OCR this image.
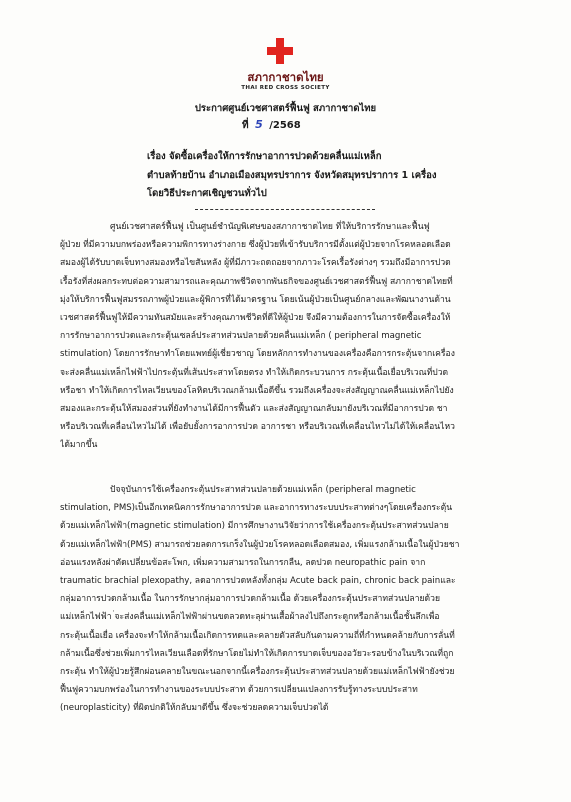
สภากาชาดไทย
THAI RED CROSS SOCIETY
ประกาศศูนย์เวชศาสตร์ฟื้นฟู สภากาชาดไทย
ที่ 5 /2568
เรื่อง จัดซื้อเครื่องให้การรักษาอาการปวดด้วยคลื่นแม่เหล็ก
ตำบลท้ายบ้าน อำเภอเมืองสมุทรปราการ จังหวัดสมุทรปราการ 1 เครื่อง
โดยวิธีประกาศเชิญชวนทั่วไป
ศูนย์เวชศาสตร์ฟื้นฟู เป็นศูนย์ชำนัญพิเศษของสภากาชาดไทย ที่ให้บริการรักษาและฟื้นฟู
ผู้ป่วย ที่มีความบกพร่องหรือความพิการทางร่างกาย ซึ่งผู้ป่วยที่เข้ารับบริการมีตั้งแต่ผู้ป่วยจากโรคหลอดเลือด
สมองผู้ได้รับบาดเจ็บทางสมองหรือไขสันหลัง ผู้ที่มีภาวะถดถอยจากภาวะโรคเรื้อรังต่างๆ รวมถึงมีอาการปวด
เรื้อรังที่ส่งผลกระทบต่อความสามารถและคุณภาพชีวิตจากพันธกิจของศูนย์เวชศาสตร์ฟื้นฟู สภากาชาดไทยที่
มุ่งให้บริการฟื้นฟูสมรรถภาพผู้ป่วยและผู้พิการที่ได้มาตรฐาน โดยเน้นผู้ป่วยเป็นศูนย์กลางและพัฒนางานด้าน
เวชศาสตร์ฟื้นฟูให้มีความทันสมัยและสร้างคุณภาพชีวิตที่ดีให้ผู้ป่วย จึงมีความต้องการในการจัดซื้อเครื่องให้
การรักษาอาการปวดและกระตุ้นเซลล์ประสาทส่วนปลายด้วยคลื่นแม่เหล็ก ( peripheral magnetic
stimulation) โดยการรักษาทำโดยแพทย์ผู้เชี่ยวชาญ โดยหลักการทำงานของเครื่องคือการกระตุ้นจากเครื่อง
จะส่งคลื่นแม่เหล็กไฟฟ้าไปกระตุ้นที่เส้นประสาทโดยตรง ทำให้เกิดกระบวนการ กระตุ้นเนื้อเยื่อบริเวณที่ปวด
หรือชา ทำให้เกิดการไหลเวียนของโลหิตบริเวณกล้ามเนื้อดีขึ้น รวมถึงเครื่องจะส่งสัญญาณคลื่นแม่เหล็กไปยัง
สมองและกระตุ้นให้สมองส่วนที่ยังทำงานได้มีการฟื้นตัว และส่งสัญญาณกลับมายังบริเวณที่มีอาการปวด ชา
หรือบริเวณที่เคลื่อนไหวไม่ได้ เพื่อยับยั้งการอาการปวด อาการชา หรือบริเวณที่เคลื่อนไหวไม่ได้ให้เคลื่อนไหว
ได้มากขึ้น
ปัจจุบันการใช้เครื่องกระตุ้นประสาทส่วนปลายด้วยแม่เหล็ก (peripheral magnetic
stimulation, PMS)เป็นอีกเทคนิคการรักษาอาการปวด และอาการทางระบบประสาทต่างๆโดยเครื่องกระตุ้น
ด้วยแม่เหล็กไฟฟ้า(magnetic stimulation) มีการศึกษางานวิจัยว่าการใช้เครื่องกระตุ้นประสาทส่วนปลาย
ด้วยแม่เหล็กไฟฟ้า(PMS) สามารถช่วยลดการเกร็งในผู้ป่วยโรคหลอดเลือดสมอง, เพิ่มแรงกล้ามเนื้อในผู้ป่วยชา
อ่อนแรงหลังผ่าตัดเปลี่ยนข้อสะโพก, เพิ่มความสามารถในการกลืน, ลดปวด neuropathic pain จาก
traumatic brachial plexopathy, ลดอาการปวดหลังทั้งกลุ่ม Acute back pain, chronic back painและ
กลุ่มอาการปวดกล้ามเนื้อ ในการรักษากลุ่มอาการปวดกล้ามเนื้อ ด้วยเครื่องกระตุ้นประสาทส่วนปลายด้วย
แม่เหล็กไฟฟ้า ่จะส่งคลื่นแม่เหล็กไฟฟ้าผ่านขดลวดทะลุผ่านเสื้อผ้าลงไปถึงกระดูกหรือกล้ามเนื้อชั้นลึกเพื่อ
กระตุ้นเนื้อเยื่อ เครื่องจะทำให้กล้ามเนื้อเกิดการหดและคลายตัวสลับกันตามความถี่ที่กำหนดคล้ายกับการลั่นที่
กล้ามเนื้อซึ่งช่วยเพิ่มการไหลเวียนเลือดที่รักษาโดยไม่ทำให้เกิดการบาดเจ็บของอวัยวะรอบข้างในบริเวณที่ถูก
กระตุ้น ทำให้ผู้ป่วยรู้สึกผ่อนคลายในขณะนอกจากนี้เครื่องกระตุ้นประสาทส่วนปลายด้วยแม่เหล็กไฟฟ้ายังช่วย
ฟื้นฟูความบกพร่องในการทำงานของระบบประสาท ด้วยการเปลี่ยนแปลงการรับรู้ทางระบบประสาท
(neuroplasticity) ที่ผิดปกติให้กลับมาดีขึ้น ซึ่งจะช่วยลดความเจ็บปวดได้
